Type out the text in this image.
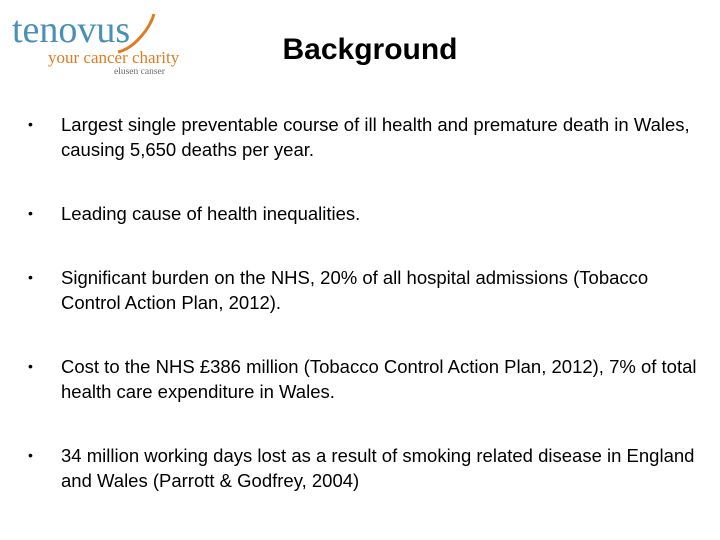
tenovus
your cancer charity
elusen canser
Background
• Largest single preventable course of ill health and premature death in Wales, causing 5,650 deaths per year.
• Leading cause of health inequalities.
• Significant burden on the NHS, 20% of all hospital admissions (Tobacco Control Action Plan, 2012).
• Cost to the NHS £386 million (Tobacco Control Action Plan, 2012), 7% of total health care expenditure in Wales.
• 34 million working days lost as a result of smoking related disease in England and Wales (Parrott & Godfrey, 2004)
